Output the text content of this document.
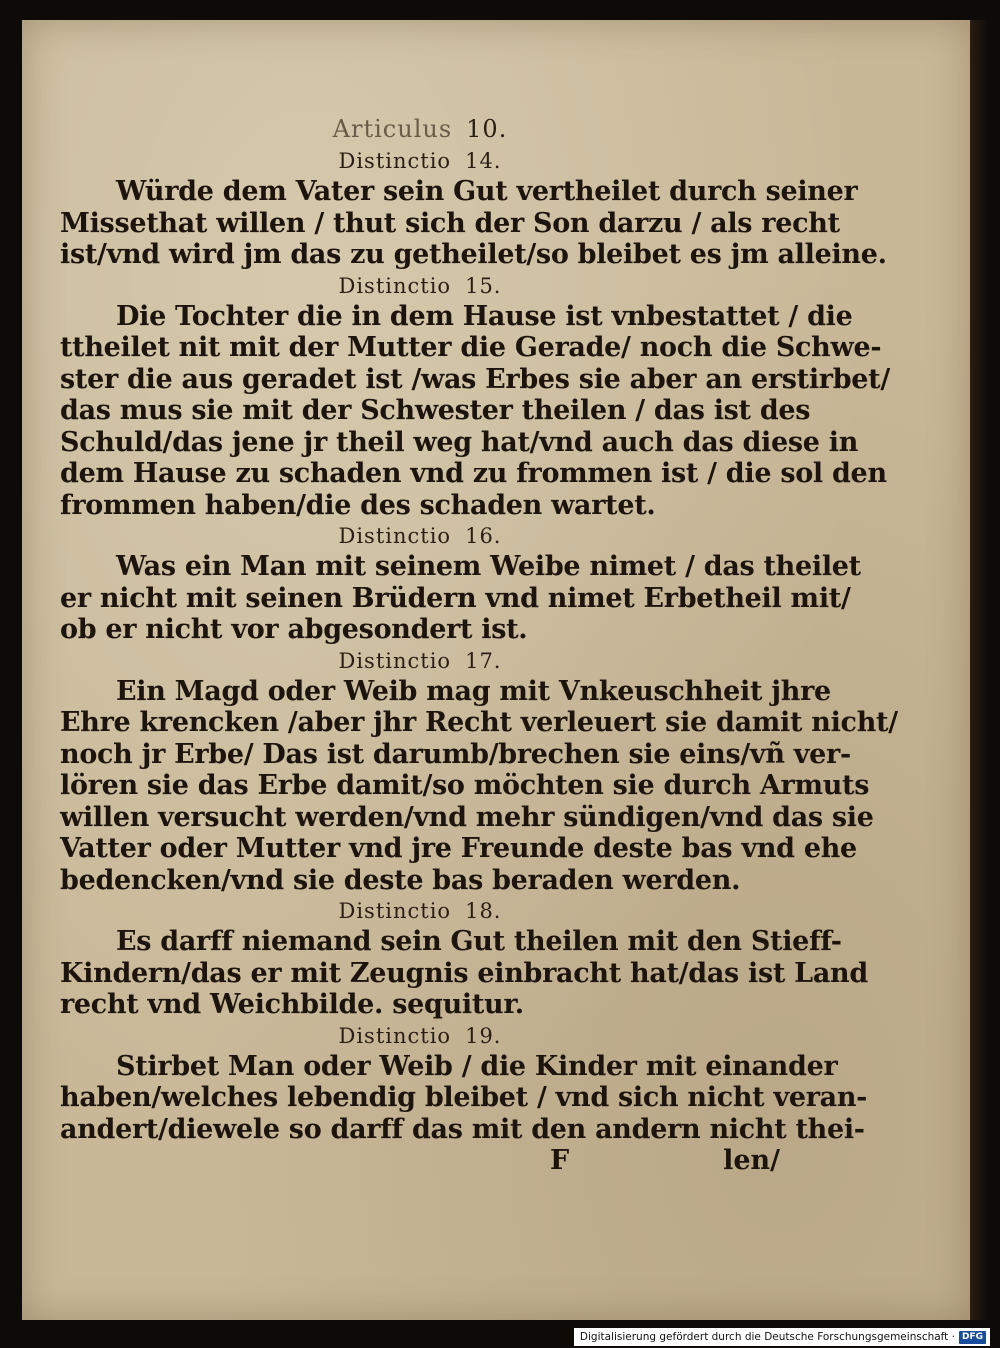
Articulus 10.
Distinctio 14.
Würde dem Vater sein Gut vertheilet durch seiner
Missethat willen / thut sich der Son darzu / als recht
ist/vnd wird jm das zu getheilet/so bleibet es jm alleine.
Distinctio 15.
Die Tochter die in dem Hause ist vnbestattet / die
ttheilet nit mit der Mutter die Gerade/ noch die Schwe-
ster die aus geradet ist /was Erbes sie aber an erstirbet/
das mus sie mit der Schwester theilen / das ist des
Schuld/das jene jr theil weg hat/vnd auch das diese in
dem Hause zu schaden vnd zu frommen ist / die sol den
frommen haben/die des schaden wartet.
Distinctio 16.
Was ein Man mit seinem Weibe nimet / das theilet
er nicht mit seinen Brüdern vnd nimet Erbetheil mit/
ob er nicht vor abgesondert ist.
Distinctio 17.
Ein Magd oder Weib mag mit Vnkeuschheit jhre
Ehre krencken /aber jhr Recht verleuert sie damit nicht/
noch jr Erbe/ Das ist darumb/brechen sie eins/vñ ver-
lören sie das Erbe damit/so möchten sie durch Armuts
willen versucht werden/vnd mehr sündigen/vnd das sie
Vatter oder Mutter vnd jre Freunde deste bas vnd ehe
bedencken/vnd sie deste bas beraden werden.
Distinctio 18.
Es darff niemand sein Gut theilen mit den Stieff-
Kindern/das er mit Zeugnis einbracht hat/das ist Land
recht vnd Weichbilde. sequitur.
Distinctio 19.
Stirbet Man oder Weib / die Kinder mit einander
haben/welches lebendig bleibet / vnd sich nicht veran-
andert/diewele so darff das mit den andern nicht thei-
F	len/
Digitalisierung gefördert durch die Deutsche Forschungsgemeinschaft · DFG
